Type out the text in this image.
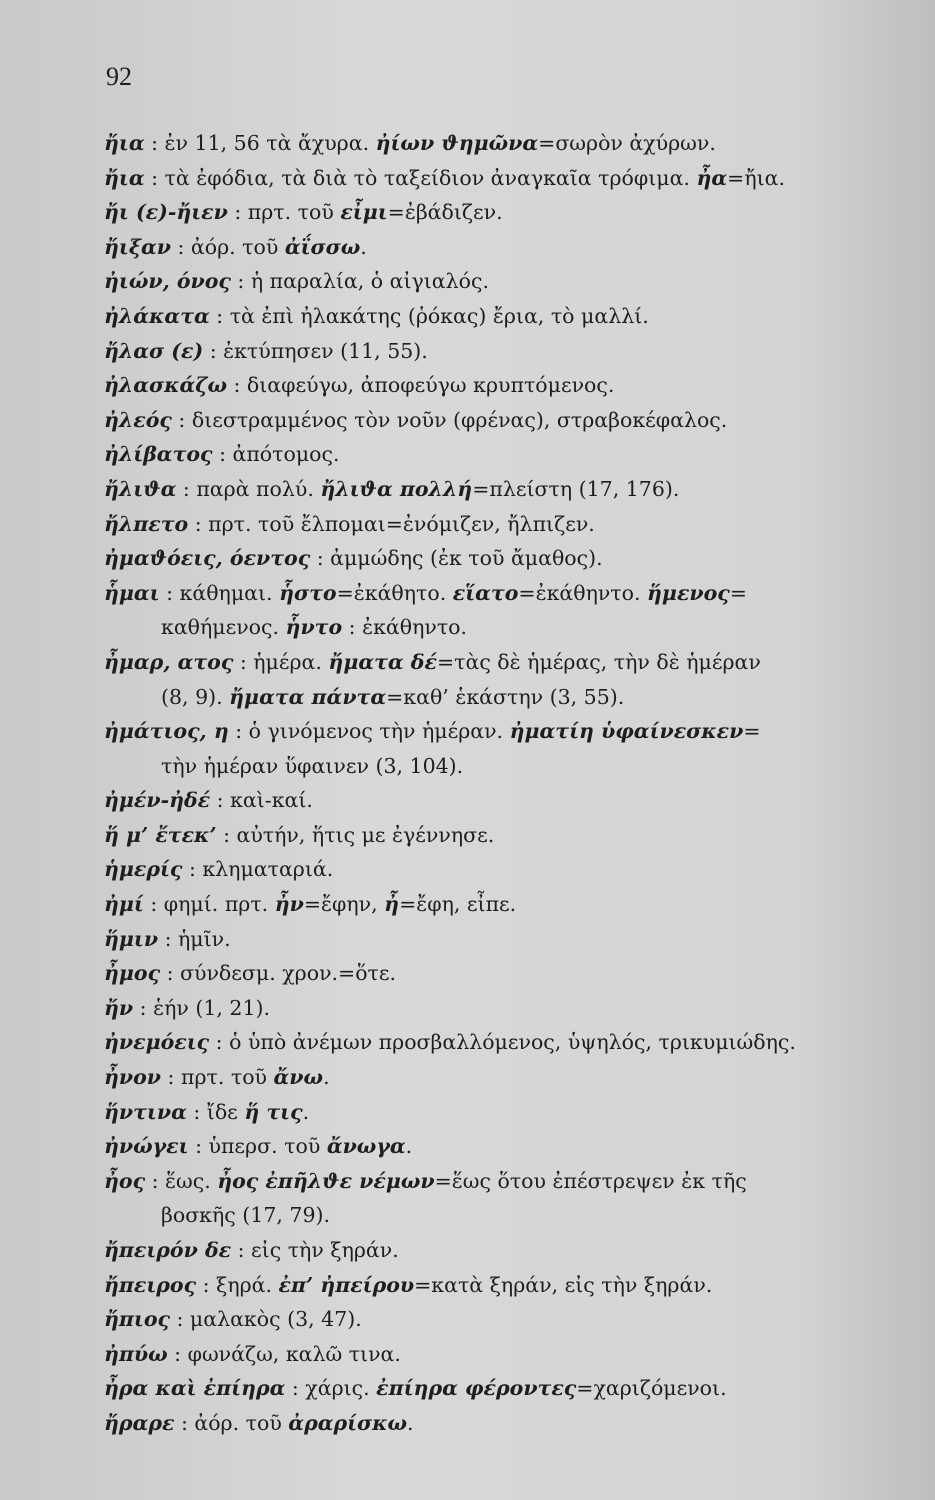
92
ἤια : ἐν 11, 56 τὰ ἄχυρα. ἠίων ϑημῶνα=σωρὸν ἀχύρων.
ἤια : τὰ ἐφόδια, τὰ διὰ τὸ ταξείδιον ἀναγκαῖα τρόφιμα. ἦα=ἤια.
ἤι (ε)-ἤιεν : πρτ. τοῦ εἶμι=ἐβάδιζεν.
ἤιξαν : ἀόρ. τοῦ ἀΐσσω.
ἠιών, όνος : ἡ παραλία, ὁ αἰγιαλός.
ἠλάκατα : τὰ ἐπὶ ἠλακάτης (ῥόκας) ἔρια, τὸ μαλλί.
ἤλασ (ε) : ἐκτύπησεν (11, 55).
ἠλασκάζω : διαφεύγω, ἀποφεύγω κρυπτόμενος.
ἠλεός : διεστραμμένος τὸν νοῦν (φρένας), στραβοκέφαλος.
ἠλίβατος : ἀπότομος.
ἤλιϑα : παρὰ πολύ. ἤλιϑα πολλή=πλείστη (17, 176).
ἤλπετο : πρτ. τοῦ ἔλπομαι=ἐνόμιζεν, ἤλπιζεν.
ἠμαϑόεις, όεντος : ἀμμώδης (ἐκ τοῦ ἄμαθος).
ἧμαι : κάθημαι. ἧστο=ἐκάθητο. εἵατο=ἐκάθηντο. ἥμενος=
καθήμενος. ἧντο : ἐκάθηντο.
ἦμαρ, ατος : ἡμέρα. ἤματα δέ=τὰς δὲ ἡμέρας, τὴν δὲ ἡμέραν
(8, 9). ἤματα πάντα=καθ’ ἑκάστην (3, 55).
ἠμάτιος, η : ὁ γινόμενος τὴν ἡμέραν. ἠματίη ὑφαίνεσκεν=
τὴν ἡμέραν ὕφαινεν (3, 104).
ἠμέν-ἠδέ : καὶ-καί.
ἥ μ’ ἔτεκ’ : αὐτήν, ἥτις με ἐγέννησε.
ἡμερίς : κληματαριά.
ἠμί : φημί. πρτ. ἦν=ἔφην, ἦ=ἔφη, εἶπε.
ἥμιν : ἡμῖν.
ἦμος : σύνδεσμ. χρον.=ὅτε.
ἤν : ἑήν (1, 21).
ἠνεμόεις : ὁ ὑπὸ ἀνέμων προσβαλλόμενος, ὑψηλός, τρικυμιώδης.
ἦνον : πρτ. τοῦ ἄνω.
ἥντινα : ἴδε ἥ τις.
ἠνώγει : ὑπερσ. τοῦ ἄνωγα.
ἦος : ἕως. ἦος ἐπῆλϑε νέμων=ἕως ὅτου ἐπέστρεψεν ἐκ τῆς
βοσκῆς (17, 79).
ἤπειρόν δε : εἰς τὴν ξηράν.
ἤπειρος : ξηρά. ἐπ’ ἠπείρου=κατὰ ξηράν, εἰς τὴν ξηράν.
ἤπιος : μαλακὸς (3, 47).
ἠπύω : φωνάζω, καλῶ τινα.
ἦρα καὶ ἐπίηρα : χάρις. ἐπίηρα φέροντες=χαριζόμενοι.
ἤραρε : ἀόρ. τοῦ ἀραρίσκω.
